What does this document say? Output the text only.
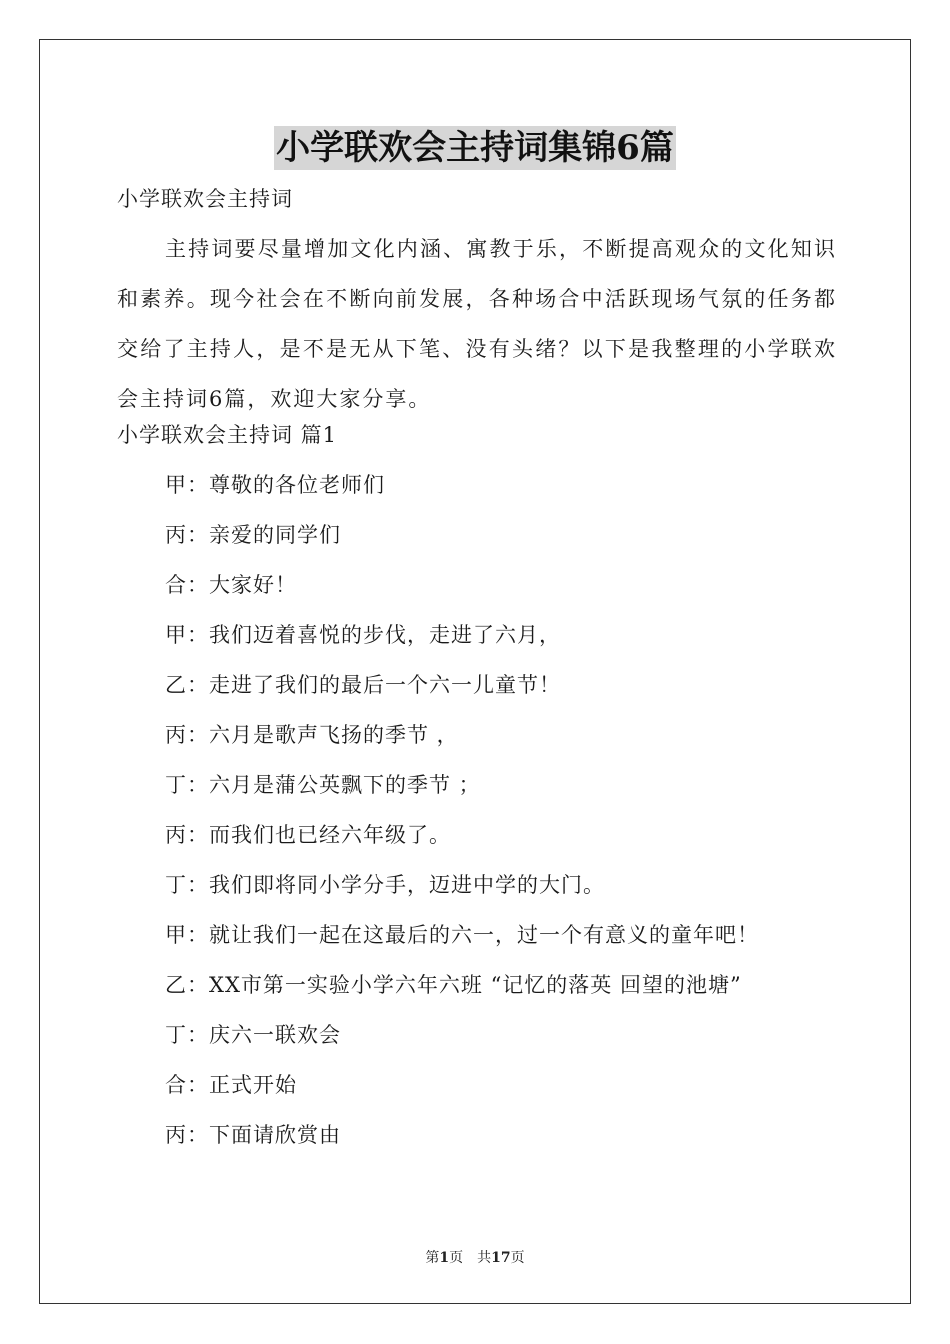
小学联欢会主持词集锦6篇
小学联欢会主持词
主持词要尽量增加文化内涵、寓教于乐，不断提高观众的文化知识和素养。现今社会在不断向前发展，各种场合中活跃现场气氛的任务都交给了主持人，是不是无从下笔、没有头绪？以下是我整理的小学联欢会主持词6篇，欢迎大家分享。
小学联欢会主持词 篇1
甲：尊敬的各位老师们
丙：亲爱的同学们
合：大家好！
甲：我们迈着喜悦的步伐，走进了六月，
乙：走进了我们的最后一个六一儿童节！
丙：六月是歌声飞扬的季节 ，
丁：六月是蒲公英飘下的季节 ；
丙：而我们也已经六年级了。
丁：我们即将同小学分手，迈进中学的大门。
甲：就让我们一起在这最后的六一，过一个有意义的童年吧！
乙：XX市第一实验小学六年六班 “记忆的落英 回望的池塘”
丁：庆六一联欢会
合：正式开始
丙：下面请欣赏由
第1页 共17页
